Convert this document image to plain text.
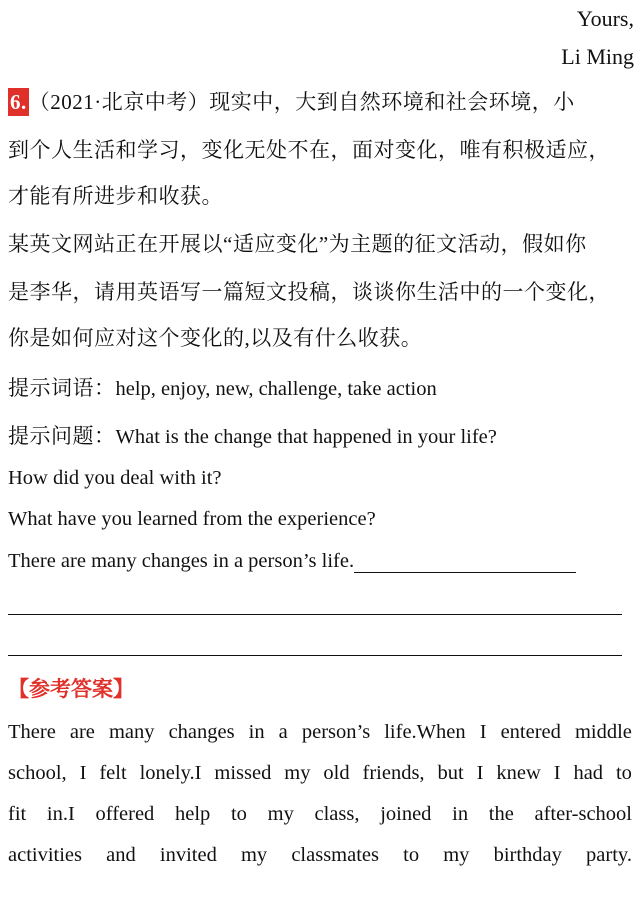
Yours,
Li Ming
6.（2021·北京中考）现实中，大到自然环境和社会环境，小
到个人生活和学习，变化无处不在，面对变化，唯有积极适应，
才能有所进步和收获。
某英文网站正在开展以“适应变化”为主题的征文活动，假如你
是李华，请用英语写一篇短文投稿，谈谈你生活中的一个变化，
你是如何应对这个变化的,以及有什么收获。
提示词语：help, enjoy, new, challenge, take action
提示问题：What is the change that happened in your life?
How did you deal with it?
What have you learned from the experience?
There are many changes in a person’s life.
【参考答案】
There are many changes in a person’s life.When I entered middle
school, I felt lonely.I missed my old friends, but I knew I had to
fit in.I offered help to my class, joined in the after-school
activities and invited my classmates to my birthday party.
